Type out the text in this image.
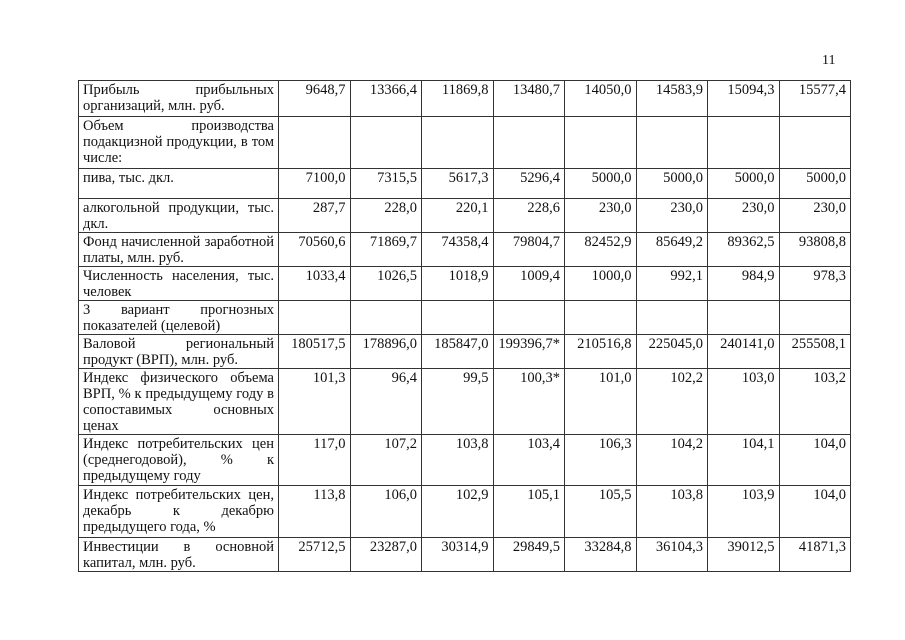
11
Прибыль прибыльных организаций, млн. руб.	9648,7	13366,4	11869,8	13480,7	14050,0	14583,9	15094,3	15577,4
Объем производства подакцизной продукции, в том числе:								
пива, тыс. дкл.	7100,0	7315,5	5617,3	5296,4	5000,0	5000,0	5000,0	5000,0
алкогольной продукции, тыс. дкл.	287,7	228,0	220,1	228,6	230,0	230,0	230,0	230,0
Фонд начисленной заработной платы, млн. руб.	70560,6	71869,7	74358,4	79804,7	82452,9	85649,2	89362,5	93808,8
Численность населения, тыс. человек	1033,4	1026,5	1018,9	1009,4	1000,0	992,1	984,9	978,3
3 вариант прогнозных показателей (целевой)								
Валовой региональный продукт (ВРП), млн. руб.	180517,5	178896,0	185847,0	199396,7*	210516,8	225045,0	240141,0	255508,1
Индекс физического объема ВРП, % к предыдущему году в сопоставимых основных ценах	101,3	96,4	99,5	100,3*	101,0	102,2	103,0	103,2
Индекс потребительских цен (среднегодовой), % к предыдущему году	117,0	107,2	103,8	103,4	106,3	104,2	104,1	104,0
Индекс потребительских цен, декабрь к декабрю предыдущего года, %	113,8	106,0	102,9	105,1	105,5	103,8	103,9	104,0
Инвестиции в основной капитал, млн. руб.	25712,5	23287,0	30314,9	29849,5	33284,8	36104,3	39012,5	41871,3
